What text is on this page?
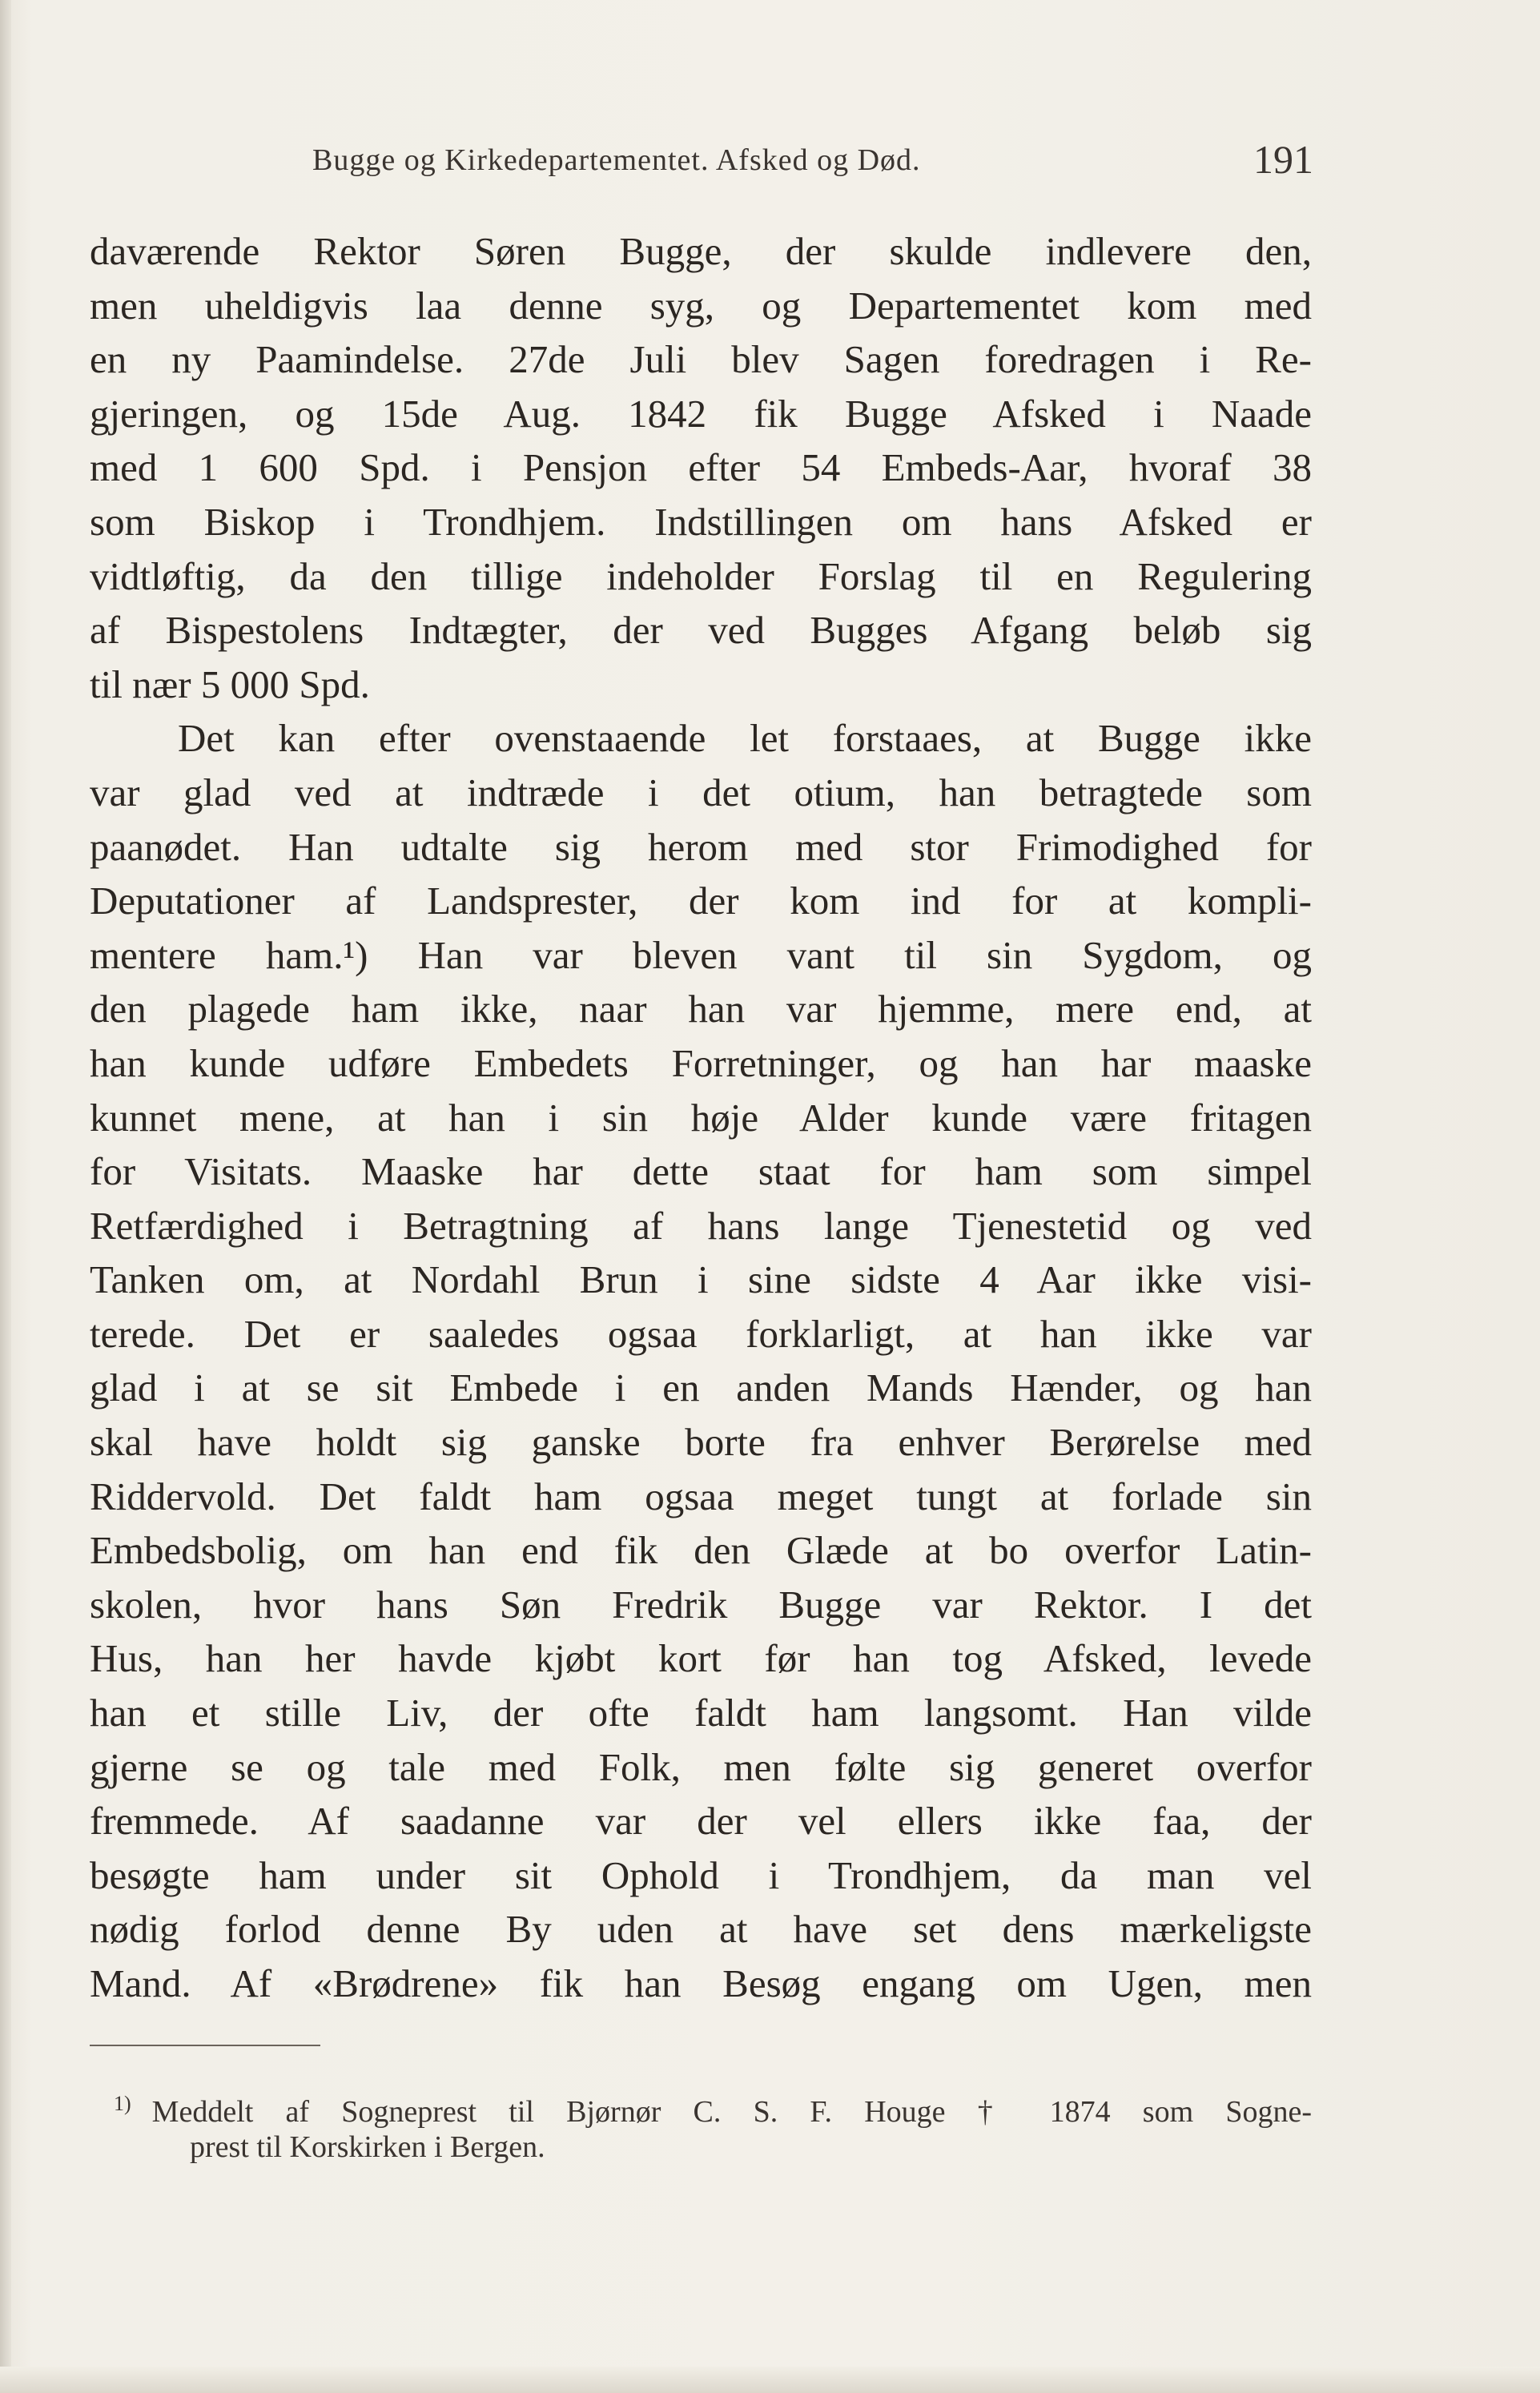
Bugge og Kirkedepartementet. Afsked og Død.	191
daværende Rektor Søren Bugge, der skulde indlevere den,
men uheldigvis laa denne syg, og Departementet kom med
en ny Paamindelse. 27de Juli blev Sagen foredragen i Re-
gjeringen, og 15de Aug. 1842 fik Bugge Afsked i Naade
med 1 600 Spd. i Pensjon efter 54 Embeds-Aar, hvoraf 38
som Biskop i Trondhjem. Indstillingen om hans Afsked er
vidtløftig, da den tillige indeholder Forslag til en Regulering
af Bispestolens Indtægter, der ved Bugges Afgang beløb sig
til nær 5 000 Spd.
Det kan efter ovenstaaende let forstaaes, at Bugge ikke
var glad ved at indtræde i det otium, han betragtede som
paanødet. Han udtalte sig herom med stor Frimodighed for
Deputationer af Landsprester, der kom ind for at kompli-
mentere ham.¹) Han var bleven vant til sin Sygdom, og
den plagede ham ikke, naar han var hjemme, mere end, at
han kunde udføre Embedets Forretninger, og han har maaske
kunnet mene, at han i sin høje Alder kunde være fritagen
for Visitats. Maaske har dette staat for ham som simpel
Retfærdighed i Betragtning af hans lange Tjenestetid og ved
Tanken om, at Nordahl Brun i sine sidste 4 Aar ikke visi-
terede. Det er saaledes ogsaa forklarligt, at han ikke var
glad i at se sit Embede i en anden Mands Hænder, og han
skal have holdt sig ganske borte fra enhver Berørelse med
Riddervold. Det faldt ham ogsaa meget tungt at forlade sin
Embedsbolig, om han end fik den Glæde at bo overfor Latin-
skolen, hvor hans Søn Fredrik Bugge var Rektor. I det
Hus, han her havde kjøbt kort før han tog Afsked, levede
han et stille Liv, der ofte faldt ham langsomt. Han vilde
gjerne se og tale med Folk, men følte sig generet overfor
fremmede. Af saadanne var der vel ellers ikke faa, der
besøgte ham under sit Ophold i Trondhjem, da man vel
nødig forlod denne By uden at have set dens mærkeligste
Mand. Af «Brødrene» fik han Besøg engang om Ugen, men
$^{1)}$ Meddelt af Sogneprest til Bjørnør C. S. F. Houge † 1874 som Sogne-
prest til Korskirken i Bergen.
